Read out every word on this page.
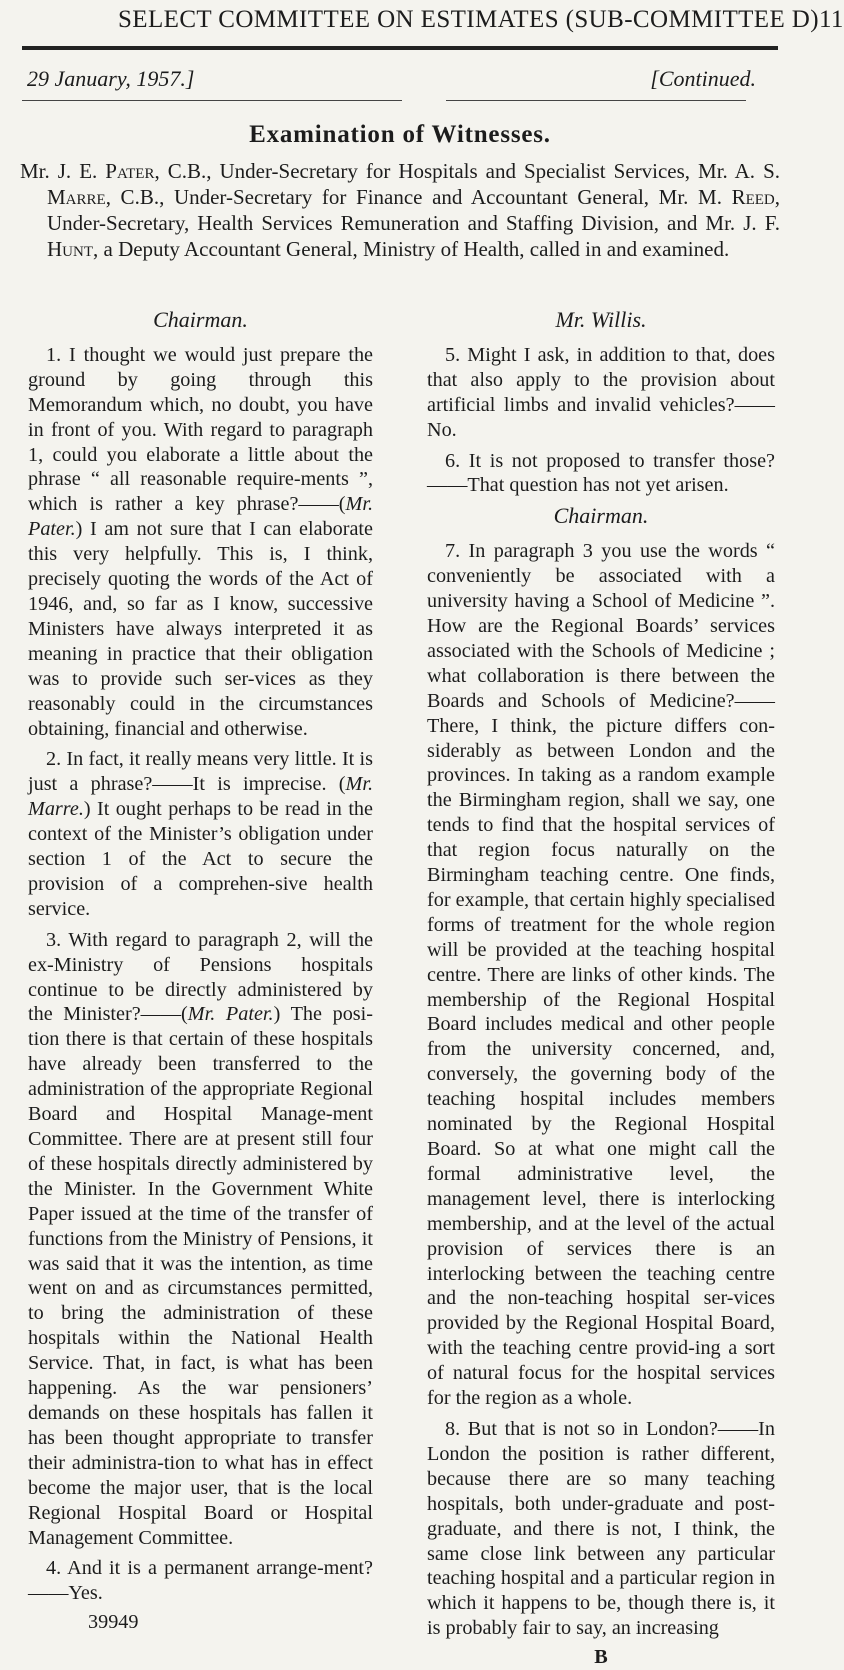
SELECT COMMITTEE ON ESTIMATES (SUB-COMMITTEE D) 11
29 January, 1957.]	[Continued.
Examination of Witnesses.

Mr. J. E. Pater, C.B., Under-Secretary for Hospitals and Specialist Services, Mr. A. S. Marre, C.B., Under-Secretary for Finance and Accountant General, Mr. M. Reed, Under-Secretary, Health Services Remuneration and Staffing Division, and Mr. J. F. Hunt, a Deputy Accountant General, Ministry of Health, called in and examined.

Chairman.

1. I thought we would just prepare the ground by going through this Memorandum which, no doubt, you have in front of you. With regard to paragraph 1, could you elaborate a little about the phrase “ all reasonable require-ments ”, which is rather a key phrase?——(Mr. Pater.) I am not sure that I can elaborate this very helpfully. This is, I think, precisely quoting the words of the Act of 1946, and, so far as I know, successive Ministers have always interpreted it as meaning in practice that their obligation was to provide such ser-vices as they reasonably could in the circumstances obtaining, financial and otherwise.

2. In fact, it really means very little. It is just a phrase?——It is imprecise. (Mr. Marre.) It ought perhaps to be read in the context of the Minister’s obligation under section 1 of the Act to secure the provision of a comprehen-sive health service.

3. With regard to paragraph 2, will the ex-Ministry of Pensions hospitals continue to be directly administered by the Minister?——(Mr. Pater.) The posi-tion there is that certain of these hospitals have already been transferred to the administration of the appropriate Regional Board and Hospital Manage-ment Committee. There are at present still four of these hospitals directly administered by the Minister. In the Government White Paper issued at the time of the transfer of functions from the Ministry of Pensions, it was said that it was the intention, as time went on and as circumstances permitted, to bring the administration of these hospitals within the National Health Service. That, in fact, is what has been happening. As the war pensioners’ demands on these hospitals has fallen it has been thought appropriate to transfer their administra-tion to what has in effect become the major user, that is the local Regional Hospital Board or Hospital Management Committee.

4. And it is a permanent arrange-ment?——Yes.

39949

Mr. Willis.

5. Might I ask, in addition to that, does that also apply to the provision about artificial limbs and invalid vehicles?——No.

6. It is not proposed to transfer those?——That question has not yet arisen.

Chairman.

7. In paragraph 3 you use the words “ conveniently be associated with a university having a School of Medicine ”. How are the Regional Boards’ services associated with the Schools of Medicine ; what collaboration is there between the Boards and Schools of Medicine?——There, I think, the picture differs con-siderably as between London and the provinces. In taking as a random example the Birmingham region, shall we say, one tends to find that the hospital services of that region focus naturally on the Birmingham teaching centre. One finds, for example, that certain highly specialised forms of treatment for the whole region will be provided at the teaching hospital centre. There are links of other kinds. The membership of the Regional Hospital Board includes medical and other people from the university concerned, and, conversely, the governing body of the teaching hospital includes members nominated by the Regional Hospital Board. So at what one might call the formal administrative level, the management level, there is interlocking membership, and at the level of the actual provision of services there is an interlocking between the teaching centre and the non-teaching hospital ser-vices provided by the Regional Hospital Board, with the teaching centre provid-ing a sort of natural focus for the hospital services for the region as a whole.

8. But that is not so in London?——In London the position is rather different, because there are so many teaching hospitals, both under-graduate and post-graduate, and there is not, I think, the same close link between any particular teaching hospital and a particular region in which it happens to be, though there is, it is probably fair to say, an increasing

B
